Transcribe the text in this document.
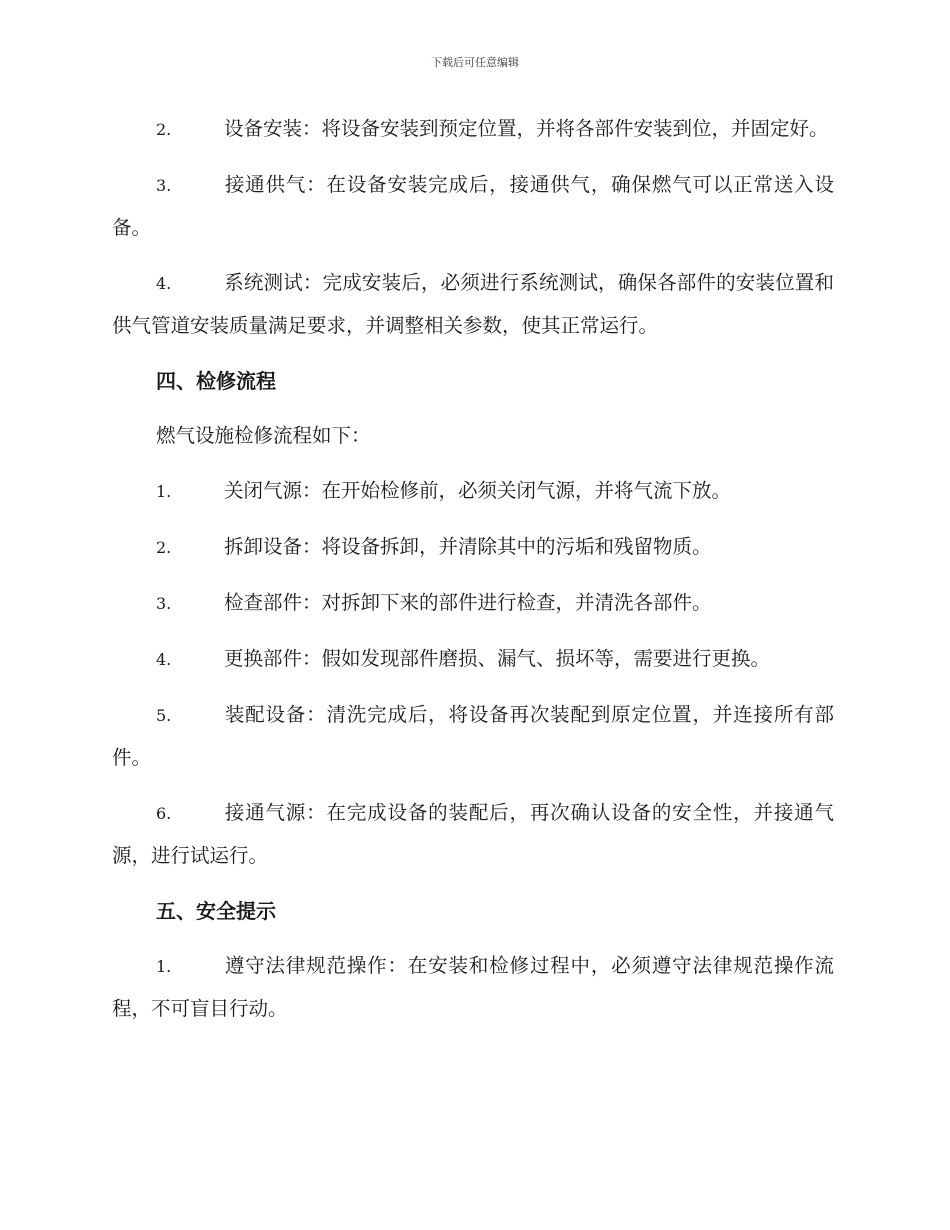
下载后可任意编辑
2.	设备安装：将设备安装到预定位置，并将各部件安装到位，并固定好。
3.	接通供气：在设备安装完成后，接通供气，确保燃气可以正常送入设备。
4.	系统测试：完成安装后，必须进行系统测试，确保各部件的安装位置和供气管道安装质量满足要求，并调整相关参数，使其正常运行。
四、检修流程
燃气设施检修流程如下：
1.	关闭气源：在开始检修前，必须关闭气源，并将气流下放。
2.	拆卸设备：将设备拆卸，并清除其中的污垢和残留物质。
3.	检查部件：对拆卸下来的部件进行检查，并清洗各部件。
4.	更换部件：假如发现部件磨损、漏气、损坏等，需要进行更换。
5.	装配设备：清洗完成后，将设备再次装配到原定位置，并连接所有部件。
6.	接通气源：在完成设备的装配后，再次确认设备的安全性，并接通气源，进行试运行。
五、安全提示
1.	遵守法律规范操作：在安装和检修过程中，必须遵守法律规范操作流程，不可盲目行动。
